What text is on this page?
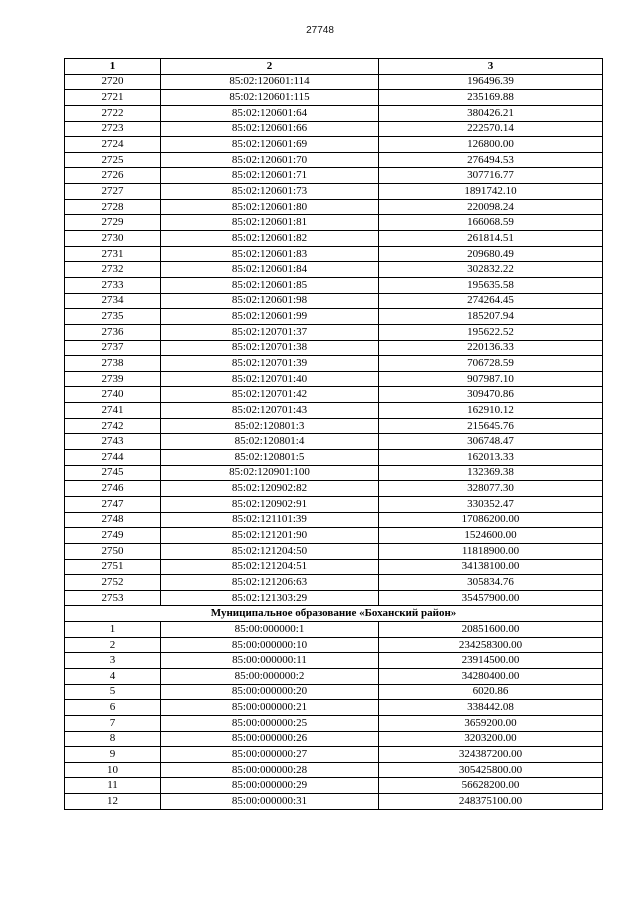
27748
1	2	3
2720	85:02:120601:114	196496.39
2721	85:02:120601:115	235169.88
2722	85:02:120601:64	380426.21
2723	85:02:120601:66	222570.14
2724	85:02:120601:69	126800.00
2725	85:02:120601:70	276494.53
2726	85:02:120601:71	307716.77
2727	85:02:120601:73	1891742.10
2728	85:02:120601:80	220098.24
2729	85:02:120601:81	166068.59
2730	85:02:120601:82	261814.51
2731	85:02:120601:83	209680.49
2732	85:02:120601:84	302832.22
2733	85:02:120601:85	195635.58
2734	85:02:120601:98	274264.45
2735	85:02:120601:99	185207.94
2736	85:02:120701:37	195622.52
2737	85:02:120701:38	220136.33
2738	85:02:120701:39	706728.59
2739	85:02:120701:40	907987.10
2740	85:02:120701:42	309470.86
2741	85:02:120701:43	162910.12
2742	85:02:120801:3	215645.76
2743	85:02:120801:4	306748.47
2744	85:02:120801:5	162013.33
2745	85:02:120901:100	132369.38
2746	85:02:120902:82	328077.30
2747	85:02:120902:91	330352.47
2748	85:02:121101:39	17086200.00
2749	85:02:121201:90	1524600.00
2750	85:02:121204:50	11818900.00
2751	85:02:121204:51	34138100.00
2752	85:02:121206:63	305834.76
2753	85:02:121303:29	35457900.00
Муниципальное образование «Боханский район»		
1	85:00:000000:1	20851600.00
2	85:00:000000:10	234258300.00
3	85:00:000000:11	23914500.00
4	85:00:000000:2	34280400.00
5	85:00:000000:20	6020.86
6	85:00:000000:21	338442.08
7	85:00:000000:25	3659200.00
8	85:00:000000:26	3203200.00
9	85:00:000000:27	324387200.00
10	85:00:000000:28	305425800.00
11	85:00:000000:29	56628200.00
12	85:00:000000:31	248375100.00
